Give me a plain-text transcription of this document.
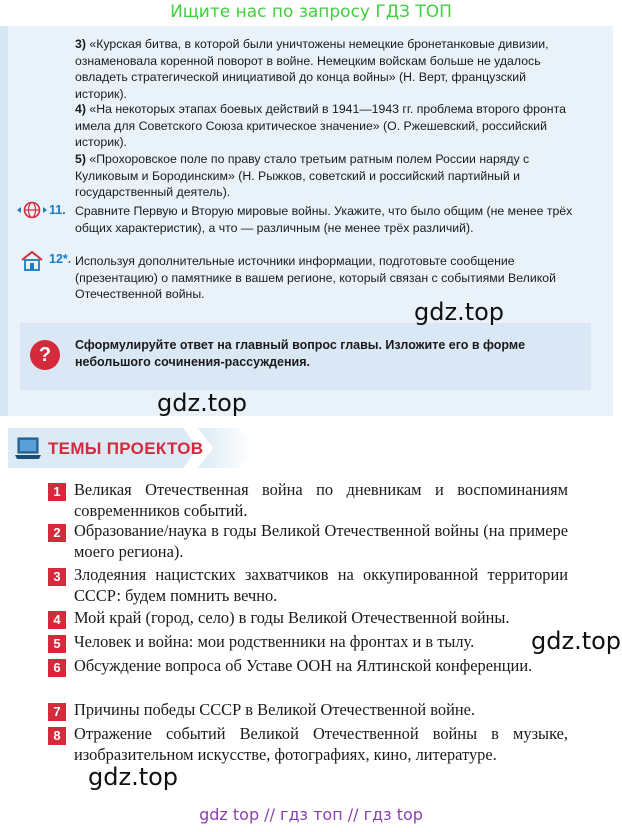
Ищите нас по запросу ГДЗ ТОП
3) «Курская битва, в которой были уничтожены немецкие бронетанковые дивизии, ознаменовала коренной поворот в войне. Немецким войскам больше не удалось овладеть стратегической инициативой до конца войны» (Н. Верт, французский историк).
4) «На некоторых этапах боевых действий в 1941—1943 гг. проблема второго фронта имела для Советского Союза критическое значение» (О. Ржешевский, российский историк).
5) «Прохоровское поле по праву стало третьим ратным полем России наряду с Куликовым и Бородинским» (Н. Рыжков, советский и российский партийный и государственный деятель).
11. Сравните Первую и Вторую мировые войны. Укажите, что было общим (не менее трёх общих характеристик), а что — различным (не менее трёх различий).
12*. Используя дополнительные источники информации, подготовьте сообщение (презентацию) о памятнике в вашем регионе, который связан с событиями Великой Отечественной войны.
?	Сформулируйте ответ на главный вопрос главы. Изложите его в форме небольшого сочинения-рассуждения.
gdz.top
gdz.top
gdz.top
gdz.top
ТЕМЫ ПРОЕКТОВ
1 Великая Отечественная война по дневникам и воспоминаниям современников событий.
2 Образование/наука в годы Великой Отечественной войны (на примере моего региона).
3 Злодеяния нацистских захватчиков на оккупированной территории СССР: будем помнить вечно.
4 Мой край (город, село) в годы Великой Отечественной войны.
5 Человек и война: мои родственники на фронтах и в тылу.
6 Обсуждение вопроса об Уставе ООН на Ялтинской конференции.
7 Причины победы СССР в Великой Отечественной войне.
8 Отражение событий Великой Отечественной войны в музыке, изобразительном искусстве, фотографиях, кино, литературе.
gdz top // гдз топ // гдз top
